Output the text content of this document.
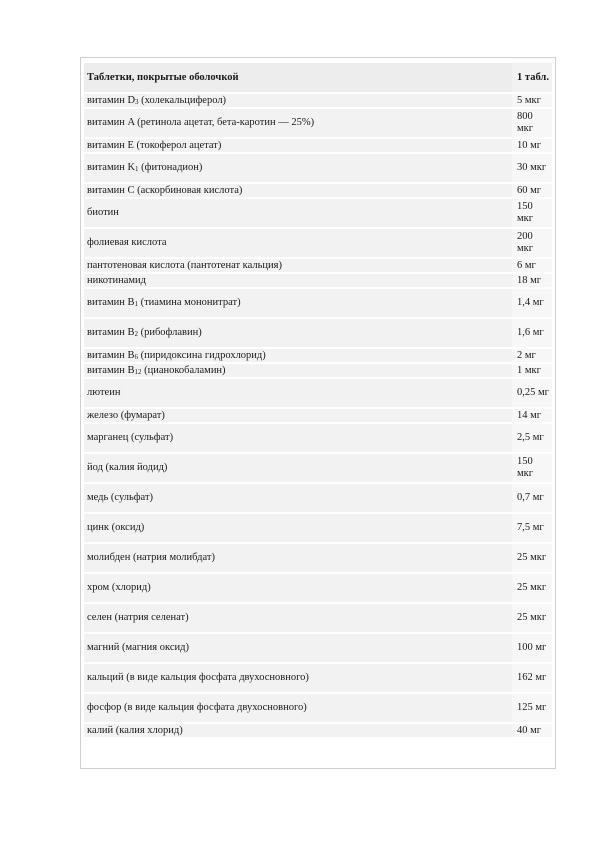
Таблетки, покрытые оболочкой	1 табл.
витамин $D_3$ (холекальциферол)	5 мкг
витамин A (ретинола ацетат, бета-каротин — 25%)	800 мкг
витамин E (токоферол ацетат)	10 мг
витамин $K_1$ (фитонадион)	30 мкг
витамин C (аскорбиновая кислота)	60 мг
биотин	150 мкг
фолиевая кислота	200 мкг
пантотеновая кислота (пантотенат кальция)	6 мг
никотинамид	18 мг
витамин $B_1$ (тиамина мононитрат)	1,4 мг
витамин $B_2$ (рибофлавин)	1,6 мг
витамин $B_6$ (пиридоксина гидрохлорид)	2 мг
витамин $B_{12}$ (цианокобаламин)	1 мкг
лютеин	0,25 мг
железо (фумарат)	14 мг
марганец (сульфат)	2,5 мг
йод (калия йодид)	150 мкг
медь (сульфат)	0,7 мг
цинк (оксид)	7,5 мг
молибден (натрия молибдат)	25 мкг
хром (хлорид)	25 мкг
селен (натрия селенат)	25 мкг
магний (магния оксид)	100 мг
кальций (в виде кальция фосфата двухосновного)	162 мг
фосфор (в виде кальция фосфата двухосновного)	125 мг
калий (калия хлорид)	40 мг
